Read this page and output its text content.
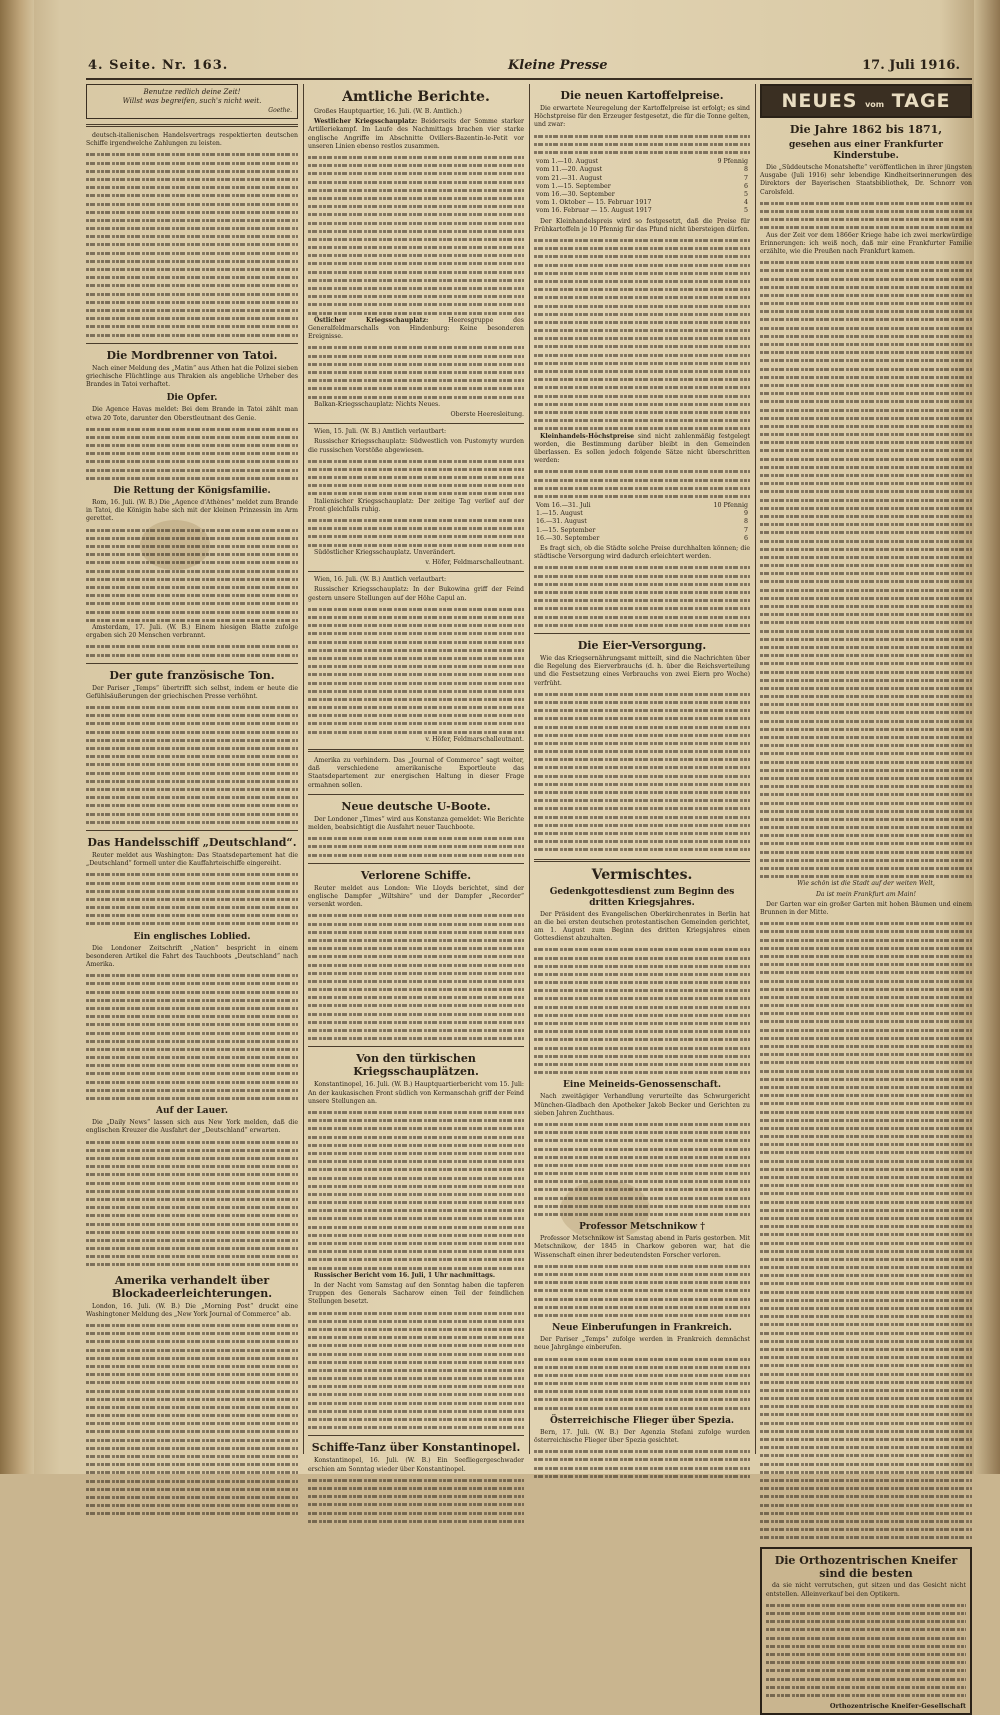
4. Seite. Nr. 163.	Kleine Presse	17. Juli 1916.
Benutze redlich deine Zeit!
Willst was begreifen, such's nicht weit.
Goethe.

deutsch-italienischen Handelsvertrags respektierten deutschen Schiffe irgendwelche Zahlungen zu leisten.

Die Mordbrenner von Tatoi.

Nach einer Meldung des „Matin“ aus Athen hat die Polizei sieben griechische Flüchtlinge aus Thrakien als angebliche Urheber des Brandes in Tatoi verhaftet.

Die Opfer.

Die Agence Havas meldet: Bei dem Brande in Tatoi zählt man etwa 20 Tote, darunter den Oberstleutnant des Genie.

Die Rettung der Königsfamilie.

Rom, 16. Juli. (W. B.) Die „Agence d'Athènes“ meldet zum Brande in Tatoi, die Königin habe sich mit der kleinen Prinzessin im Arm gerettet.

Amsterdam, 17. Juli. (W. B.) Einem hiesigen Blatte zufolge ergaben sich 20 Menschen verbrannt.

Der gute französische Ton.

Der Pariser „Temps“ übertrifft sich selbst, indem er heute die Gefühlsäußerungen der griechischen Presse verhöhnt.

Das Handelsschiff „Deutschland“.

Reuter meldet aus Washington: Das Staatsdepartement hat die „Deutschland“ formell unter die Kauffahrteischiffe eingereiht.

Ein englisches Loblied.

Die Londoner Zeitschrift „Nation“ bespricht in einem besonderen Artikel die Fahrt des Tauchboots „Deutschland“ nach Amerika.

Auf der Lauer.

Die „Daily News“ lassen sich aus New York melden, daß die englischen Kreuzer die Ausfahrt der „Deutschland“ erwarten.

Amerika verhandelt über Blockadeerleichterungen.

London, 16. Juli. (W. B.) Die „Morning Post“ druckt eine Washingtoner Meldung des „New York Journal of Commerce“ ab.

Amtliche Berichte.

Großes Hauptquartier, 16. Juli. (W. B. Amtlich.)

Westlicher Kriegsschauplatz: Beiderseits der Somme starker Artilleriekampf. Im Laufe des Nachmittags brachen vier starke englische Angriffe im Abschnitte Ovillers-Bazentin-le-Petit vor unseren Linien ebenso restlos zusammen.

Östlicher Kriegsschauplatz:	Heeresgruppe des Generalfeldmarschalls von Hindenburg: Keine besonderen Ereignisse.

Balkan-Kriegsschauplatz: Nichts Neues.

Oberste Heeresleitung.

Wien, 15. Juli. (W. B.) Amtlich verlautbart:

Russischer Kriegsschauplatz: Südwestlich von Pustomyty wurden die russischen Vorstöße abgewiesen.

Italienischer Kriegsschauplatz: Der zeitige Tag verlief auf der Front gleichfalls ruhig.

Südöstlicher Kriegsschauplatz. Unverändert.

v. Höfer, Feldmarschalleutnant.

Wien, 16. Juli. (W. B.) Amtlich verlautbart:

Russischer Kriegsschauplatz: In der Bukowina griff der Feind gestern unsere Stellungen auf der Höhe Capul an.

v. Höfer, Feldmarschalleutnant.

Amerika zu verhindern. Das „Journal of Commerce“ sagt weiter, daß verschiedene amerikanische Exportleute das Staatsdepartement zur energischen Haltung in dieser Frage ermahnen sollen.

Neue deutsche U-Boote.

Der Londoner „Times“ wird aus Konstanza gemeldet: Wie Berichte melden, beabsichtigt die Ausfahrt neuer Tauchboote.

Verlorene Schiffe.

Reuter meldet aus London: Wie Lloyds berichtet, sind der englische Dampfer „Wiltshire“ und der Dampfer „Recorder“ versenkt worden.

Von den türkischen Kriegsschauplätzen.

Konstantinopel, 16. Juli. (W. B.) Hauptquartierbericht vom 15. Juli: An der kaukasischen Front südlich von Kermanschah griff der Feind unsere Stellungen an.

Russischer Bericht vom 16. Juli, 1 Uhr nachmittags.

In der Nacht vom Samstag auf den Sonntag haben die tapferen Truppen des Generals Sacharow einen Teil der feindlichen Stellungen besetzt.

Schiffe-Tanz über Konstantinopel.

Konstantinopel, 16. Juli. (W. B.) Ein Seefliegergeschwader erschien am Sonntag wieder über Konstantinopel.

Die neuen Kartoffelpreise.

Die erwartete Neuregelung der Kartoffelpreise ist erfolgt; es sind Höchstpreise für den Erzeuger festgesetzt, die für die Tonne gelten, und zwar:

vom 1.—10. August	9 Pfennig
vom 11.—20. August	8
vom 21.—31. August	7
vom 1.—15. September	6
vom 16.—30. September	5
vom 1. Oktober — 15. Februar 1917	4
vom 16. Februar — 15. August 1917	5

Der Kleinhandelspreis wird so festgesetzt, daß die Preise für Frühkartoffeln je 10 Pfennig für das Pfund nicht übersteigen dürfen.

Kleinhandels-Höchstpreise sind nicht zahlenmäßig festgelegt worden, die Bestimmung darüber bleibt in den Gemeinden überlassen. Es sollen jedoch folgende Sätze nicht überschritten werden:

Vom 16.—31. Juli	10 Pfennig
1.—15. August	9
16.—31. August	8
1.—15. September	7
16.—30. September	6

Es fragt sich, ob die Städte solche Preise durchhalten können; die städtische Versorgung wird dadurch erleichtert werden.

Die Eier-Versorgung.

Wie das Kriegsernährungsamt mitteilt, sind die Nachrichten über die Regelung des Eierverbrauchs (d. h. über die Reichsverteilung und die Festsetzung eines Verbrauchs von zwei Eiern pro Woche) verfrüht.

Vermischtes.
Gedenkgottesdienst zum Beginn des dritten Kriegsjahres.

Der Präsident des Evangelischen Oberkirchenrates in Berlin hat an die bei ersten deutschen protestantischen Gemeinden gerichtet, am 1. August zum Beginn des dritten Kriegsjahres einen Gottesdienst abzuhalten.

Eine Meineids-Genossenschaft.

Nach zweitägiger Verhandlung verurteilte das Schwurgericht München-Gladbach den Apotheker Jakob Becker und Gerichten zu sieben Jahren Zuchthaus.

Professor Metschnikow †

Professor Metschnikow ist Samstag abend in Paris gestorben. Mit Metschnikow, der 1845 in Charkow geboren war, hat die Wissenschaft einen ihrer bedeutendsten Forscher verloren.

Neue Einberufungen in Frankreich.

Der Pariser „Temps“ zufolge werden in Frankreich demnächst neue Jahrgänge einberufen.

Österreichische Flieger über Spezia.

Bern, 17. Juli. (W. B.) Der Agenzia Stefani zufolge wurden österreichische Flieger über Spezia gesichtet.

NEUES vom TAGE
Die Jahre 1862 bis 1871,
gesehen aus einer Frankfurter Kinderstube.

Die „Süddeutsche Monatshefte“ veröffentlichen in ihrer jüngsten Ausgabe (Juli 1916) sehr lebendige Kindheitserinnerungen des Direktors der Bayerischen Staatsbibliothek, Dr. Schnorr von Carolsfeld.

Aus der Zeit vor dem 1866er Kriege habe ich zwei merkwürdige Erinnerungen: ich weiß noch, daß mir eine Frankfurter Familie erzählte, wie die Preußen nach Frankfurt kamen.

Wie schön ist die Stadt auf der weiten Welt,

Da ist mein Frankfurt am Main!

Der Garten war ein großer Garten mit hohen Bäumen und einem Brunnen in der Mitte.

Die Orthozentrischen Kneifer sind die besten

da sie nicht verrutschen, gut sitzen und das Gesicht nicht entstellen. Alleinverkauf bei den Optikern.

Orthozentrische Kneifer-Gesellschaft
